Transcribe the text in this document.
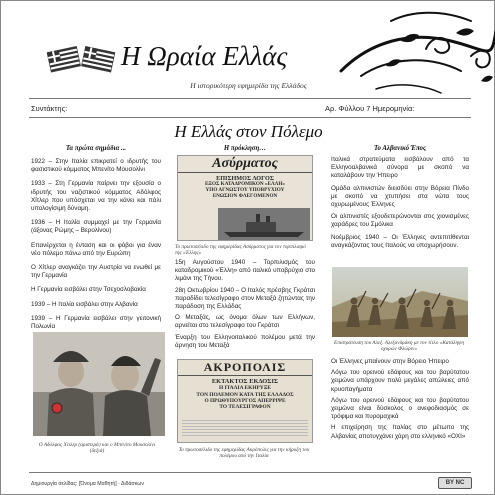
Η Ωραία Ελλάς
Η ιστορικότερη εφημερίδα της Ελλάδος
Συντάκτης:	Αρ. Φύλλου 7 Ημερομηνία:
Η Ελλάς στον Πόλεμο
Τα πρώτα σημάδια ...

1922 – Στην Ιταλία επικρατεί ο ιδρυτής του φασιστικού κόμματος Μπενίτο Μουσολίνι

1933 – Στη Γερμανία παίρνει την εξουσία ο ιδρυτής του ναζιστικού κόμματος Αδόλφος Χίτλερ που υπόσχεται να την κάνει και πάλι υπολογίσιμη δύναμη.

1936 – Η Ιταλία συμμαχεί με την Γερμανία (άξονας Ρώμης – Βερολίνου)

Επανέρχεται η ένταση και οι φόβοι για έναν νέο πόλεμο πάνω από την Ευρώπη

Ο Χίτλερ αναγκάζει την Αυστρία να ενωθεί με την Γερμανία

Η Γερμανία εισβάλει στην Τσεχοσλοβακία

1939 – Η Ιταλία εισβάλει στην Αλβανία

1939 – Η Γερμανία εισβάλει στην γειτονική Πολωνία

Ο Αδόλφος Χίτλερ (αριστερά) και ο Μπενίτο Μουσολίνι (δεξιά)
Η πρόκληση…
Ασύρματος
ΕΠΙΣΗΜΟΣ ΛΟΓΟΣ
ΕΞΟΣ ΚΑΤΑΔΡΟΜΙΚΟΝ «ΕΛΛΗ»
ΥΠΟ ΑΓΝΩΣΤΟΥ ΥΠΟΒΡΥΧΙΟΥ
ΕΝΩΣΙΟΝ ΦΛΕΓΟΜΕΝΟΝ
Το πρωτοσέλιδο της εφημερίδας Ασύρματος για τον τορπιλισμό της «Έλλης»

15η Αυγούστου 1940 – Τορπιλισμός του καταδρομικού «Έλλη» από ιταλικό υποβρύχιο στο λιμάνι της Τήνου.

28η Οκτωβρίου 1940 – Ο Ιταλός πρέσβης Γκράτσι παραδίδει τελεσίγραφο στον Μεταξά ζητώντας την παράδοση της Ελλάδας

Ο Μεταξάς, ως όνομα όλων των Ελλήνων, αρνείται στο τελεσίγραφο του Γκράτσι

Έναρξη του Ελληνοιταλικού πολέμου μετά την άρνηση του Μεταξά

ΑΚΡΟΠΟΛΙΣ
ΕΚΤΑΚΤΟΣ ΕΚΔΟΣΙΣ
Η ΙΤΑΛΙΑ ΕΚΗΡΥΞΕ
ΤΟΝ ΠΟΛΕΜΟΝ ΚΑΤΑ ΤΗΣ ΕΛΛΑΔΟΣ
Ο ΠΡΩΘΥΠΟΥΡΓΟΣ ΑΠΕΡΡΙΨΕ
ΤΟ ΤΕΛΕΣΙΓΡΑΦΟΝ
Το πρωτοσέλιδο της εφημερίδας Ακρόπολις για την κήρυξη του πολέμου από την Ιταλία
Το Αλβανικό Έπος

Ιταλικά στρατεύματα εισβάλουν από τα Ελληνοαλβανικά σύνορα με σκοπό να καταλάβουν την Ήπειρο

Ομάδα αλπινιστών διεισδύει στην Βόρεια Πίνδο με σκοπό να χτυπήσει στα νώτα τους οχυρωμένους Έλληνες

Οι αλπινιστές εξουδετερώνονται στις χιονισμένες χαράδρες του Σμόλικα

Νοέμβριος 1940 – Οι Έλληνες αντεπιτίθενται αναγκάζοντας τους Ιταλούς να υποχωρήσουν.

Επιστράτευση του Αλεξ. Αλεξανδράκη με τον τίτλο «Κατάληψη οχυρών Φλώριν»

Οι Έλληνες μπαίνουν στην Βόρειο Ήπειρο

Λόγω του ορεινού εδάφους και του βαρύτατου χειμώνα υπάρχουν πολύ μεγάλες απώλειες από κρυοπαγήματα

Λόγω του ορεινού εδάφους και του βαρύτατου χειμώνα είναι δύσκολος ο ανεφοδιασμός σε τρόφιμα και πυρομαχικά

Η επιχείρηση της Ιταλίας στο μέτωπο της Αλβανίας αποτυγχάνει χάρη στο ελληνικό «ΟΧΙ»

Δημιουργία σελίδας: [Όνομα Μαθητή] · Διδάσκων	BY NC
